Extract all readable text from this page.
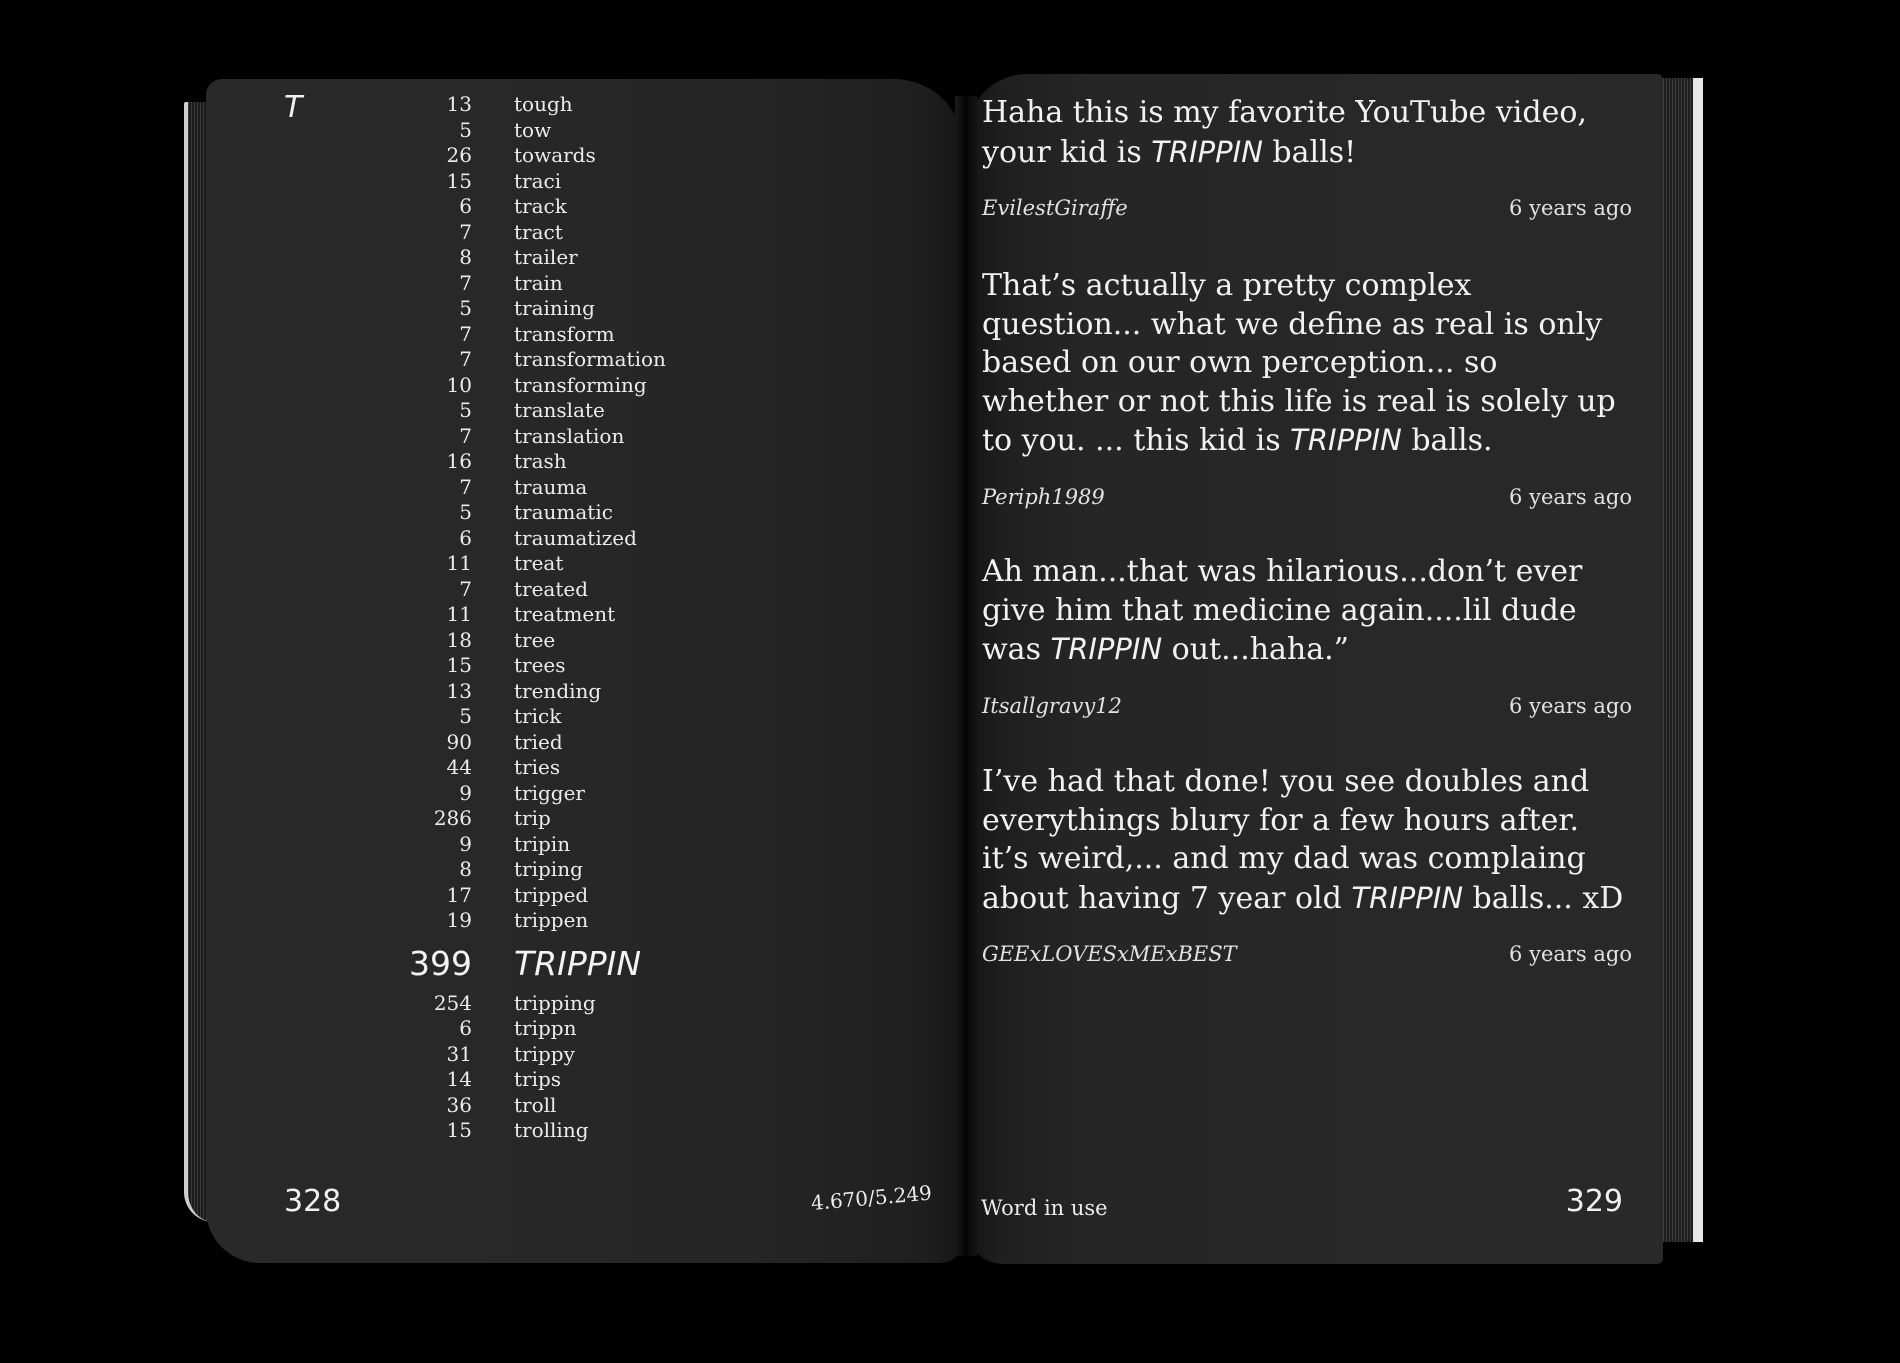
T	13 tough
5 tow
26 towards
15 traci
6 track
7 tract
8 trailer
7 train
5 training
7 transform
7 transformation
10 transforming
5 translate
7 translation
16 trash
7 trauma
5 traumatic
6 traumatized
11 treat
7 treated
11 treatment
18 tree
15 trees
13 trending
5 trick
90 tried
44 tries
9 trigger
286 trip
9 tripin
8 triping
17 tripped
19 trippen
399 TRIPPIN
254 tripping
6 trippn
31 trippy
14 trips
36 troll
15 trolling
328	4.670/5.249

Haha this is my favorite YouTube video, your kid is TRIPPIN balls!

EvilestGiraffe	6 years ago

That’s actually a pretty complex question... what we define as real is only based on our own perception... so whether or not this life is real is solely up to you. ... this kid is TRIPPIN balls.

Periph1989	6 years ago

Ah man...that was hilarious...don’t ever give him that medicine again....lil dude was TRIPPIN out...haha.”

Itsallgravy12	6 years ago

I’ve had that done! you see doubles and everythings blury for a few hours after. it’s weird,... and my dad was complaing about having 7 year old TRIPPIN balls... xD

GEExLOVESxMExBEST	6 years ago
Word in use	329
